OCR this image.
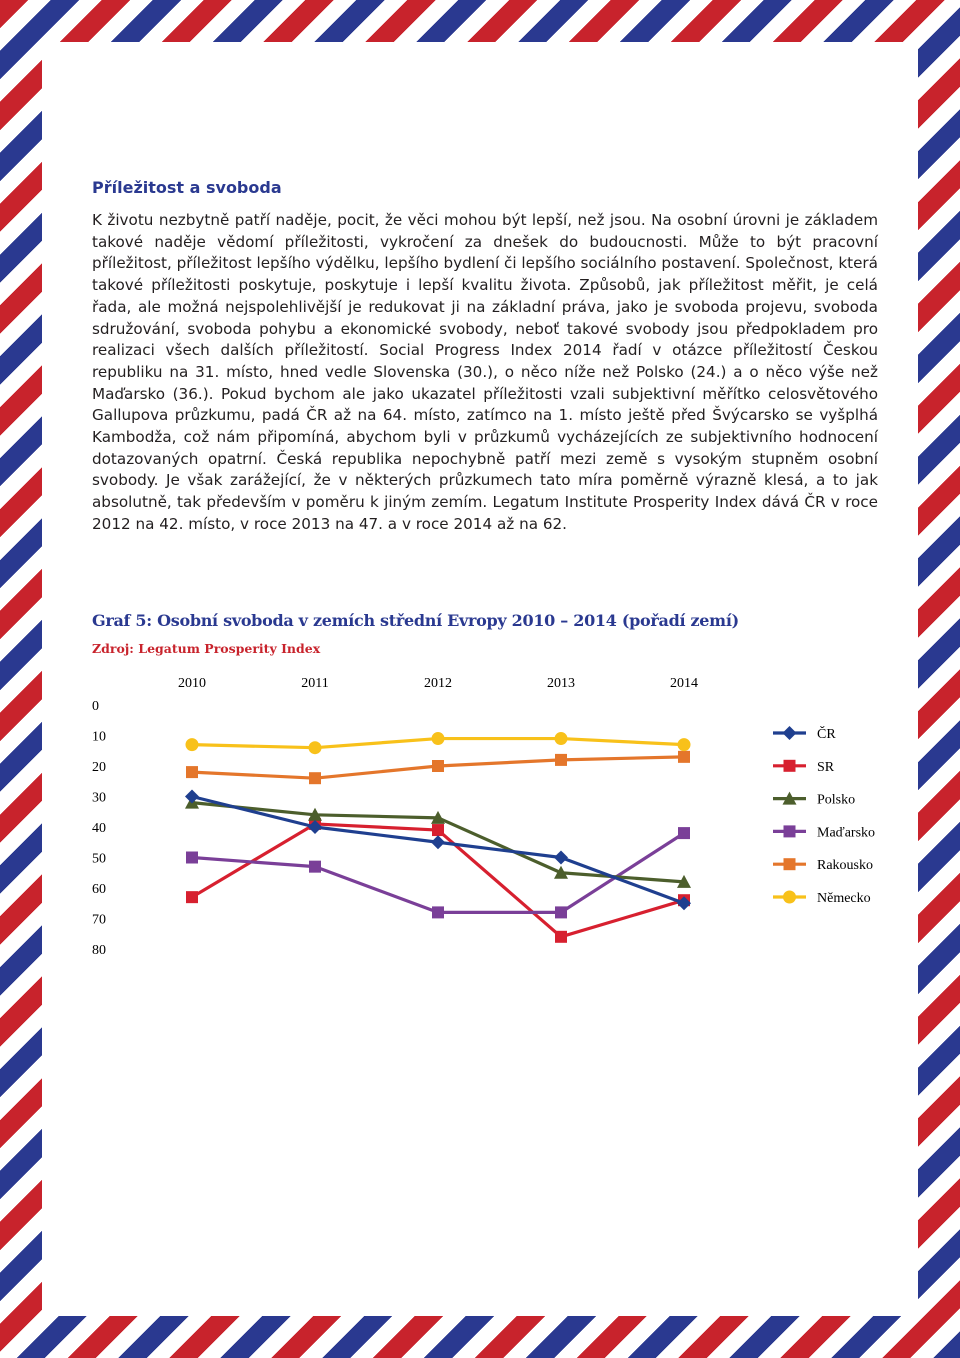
Příležitost a svoboda

K životu nezbytně patří naděje, pocit, že věci mohou být lepší, než jsou. Na osobní úrovni je základem takové naděje vědomí příležitosti, vykročení za dnešek do budoucnosti. Může to být pracovní příležitost, příležitost lepšího výdělku, lepšího bydlení či lepšího sociálního postavení. Společnost, která takové příležitosti poskytuje, poskytuje i lepší kvalitu života. Způsobů, jak příležitost měřit, je celá řada, ale možná nejspolehlivější je redukovat ji na základní práva, jako je svoboda projevu, svoboda sdružování, svoboda pohybu a ekonomické svobody, neboť takové svobody jsou předpokladem pro realizaci všech dalších příležitostí. Social Progress Index 2014 řadí v otázce příležitostí Českou republiku na 31. místo, hned vedle Slovenska (30.), o něco níže než Polsko (24.) a o něco výše než Maďarsko (36.). Pokud bychom ale jako ukazatel příležitosti vzali subjektivní měřítko celosvětového Gallupova průzkumu, padá ČR až na 64. místo, zatímco na 1. místo ještě před Švýcarsko se vyšplhá Kambodža, což nám připomíná, abychom byli v průzkumů vycházejících ze subjektivního hodnocení dotazovaných opatrní. Česká republika nepochybně patří mezi země s vysokým stupněm osobní svobody. Je však zarážející, že v některých průzkumech tato míra poměrně výrazně klesá, a to jak absolutně, tak především v poměru k jiným zemím. Legatum Institute Prosperity Index dává ČR v roce 2012 na 42. místo, v roce 2013 na 47. a v roce 2014 až na 62.

Graf 5: Osobní svoboda v zemích střední Evropy 2010 – 2014 (pořadí zemí)

Zdroj: Legatum Prosperity Index

2010	2011	2012	2013	2014
0
10
20
30
40
50
60
70
80
ČR
SR
Polsko
Maďarsko
Rakousko
Německo
